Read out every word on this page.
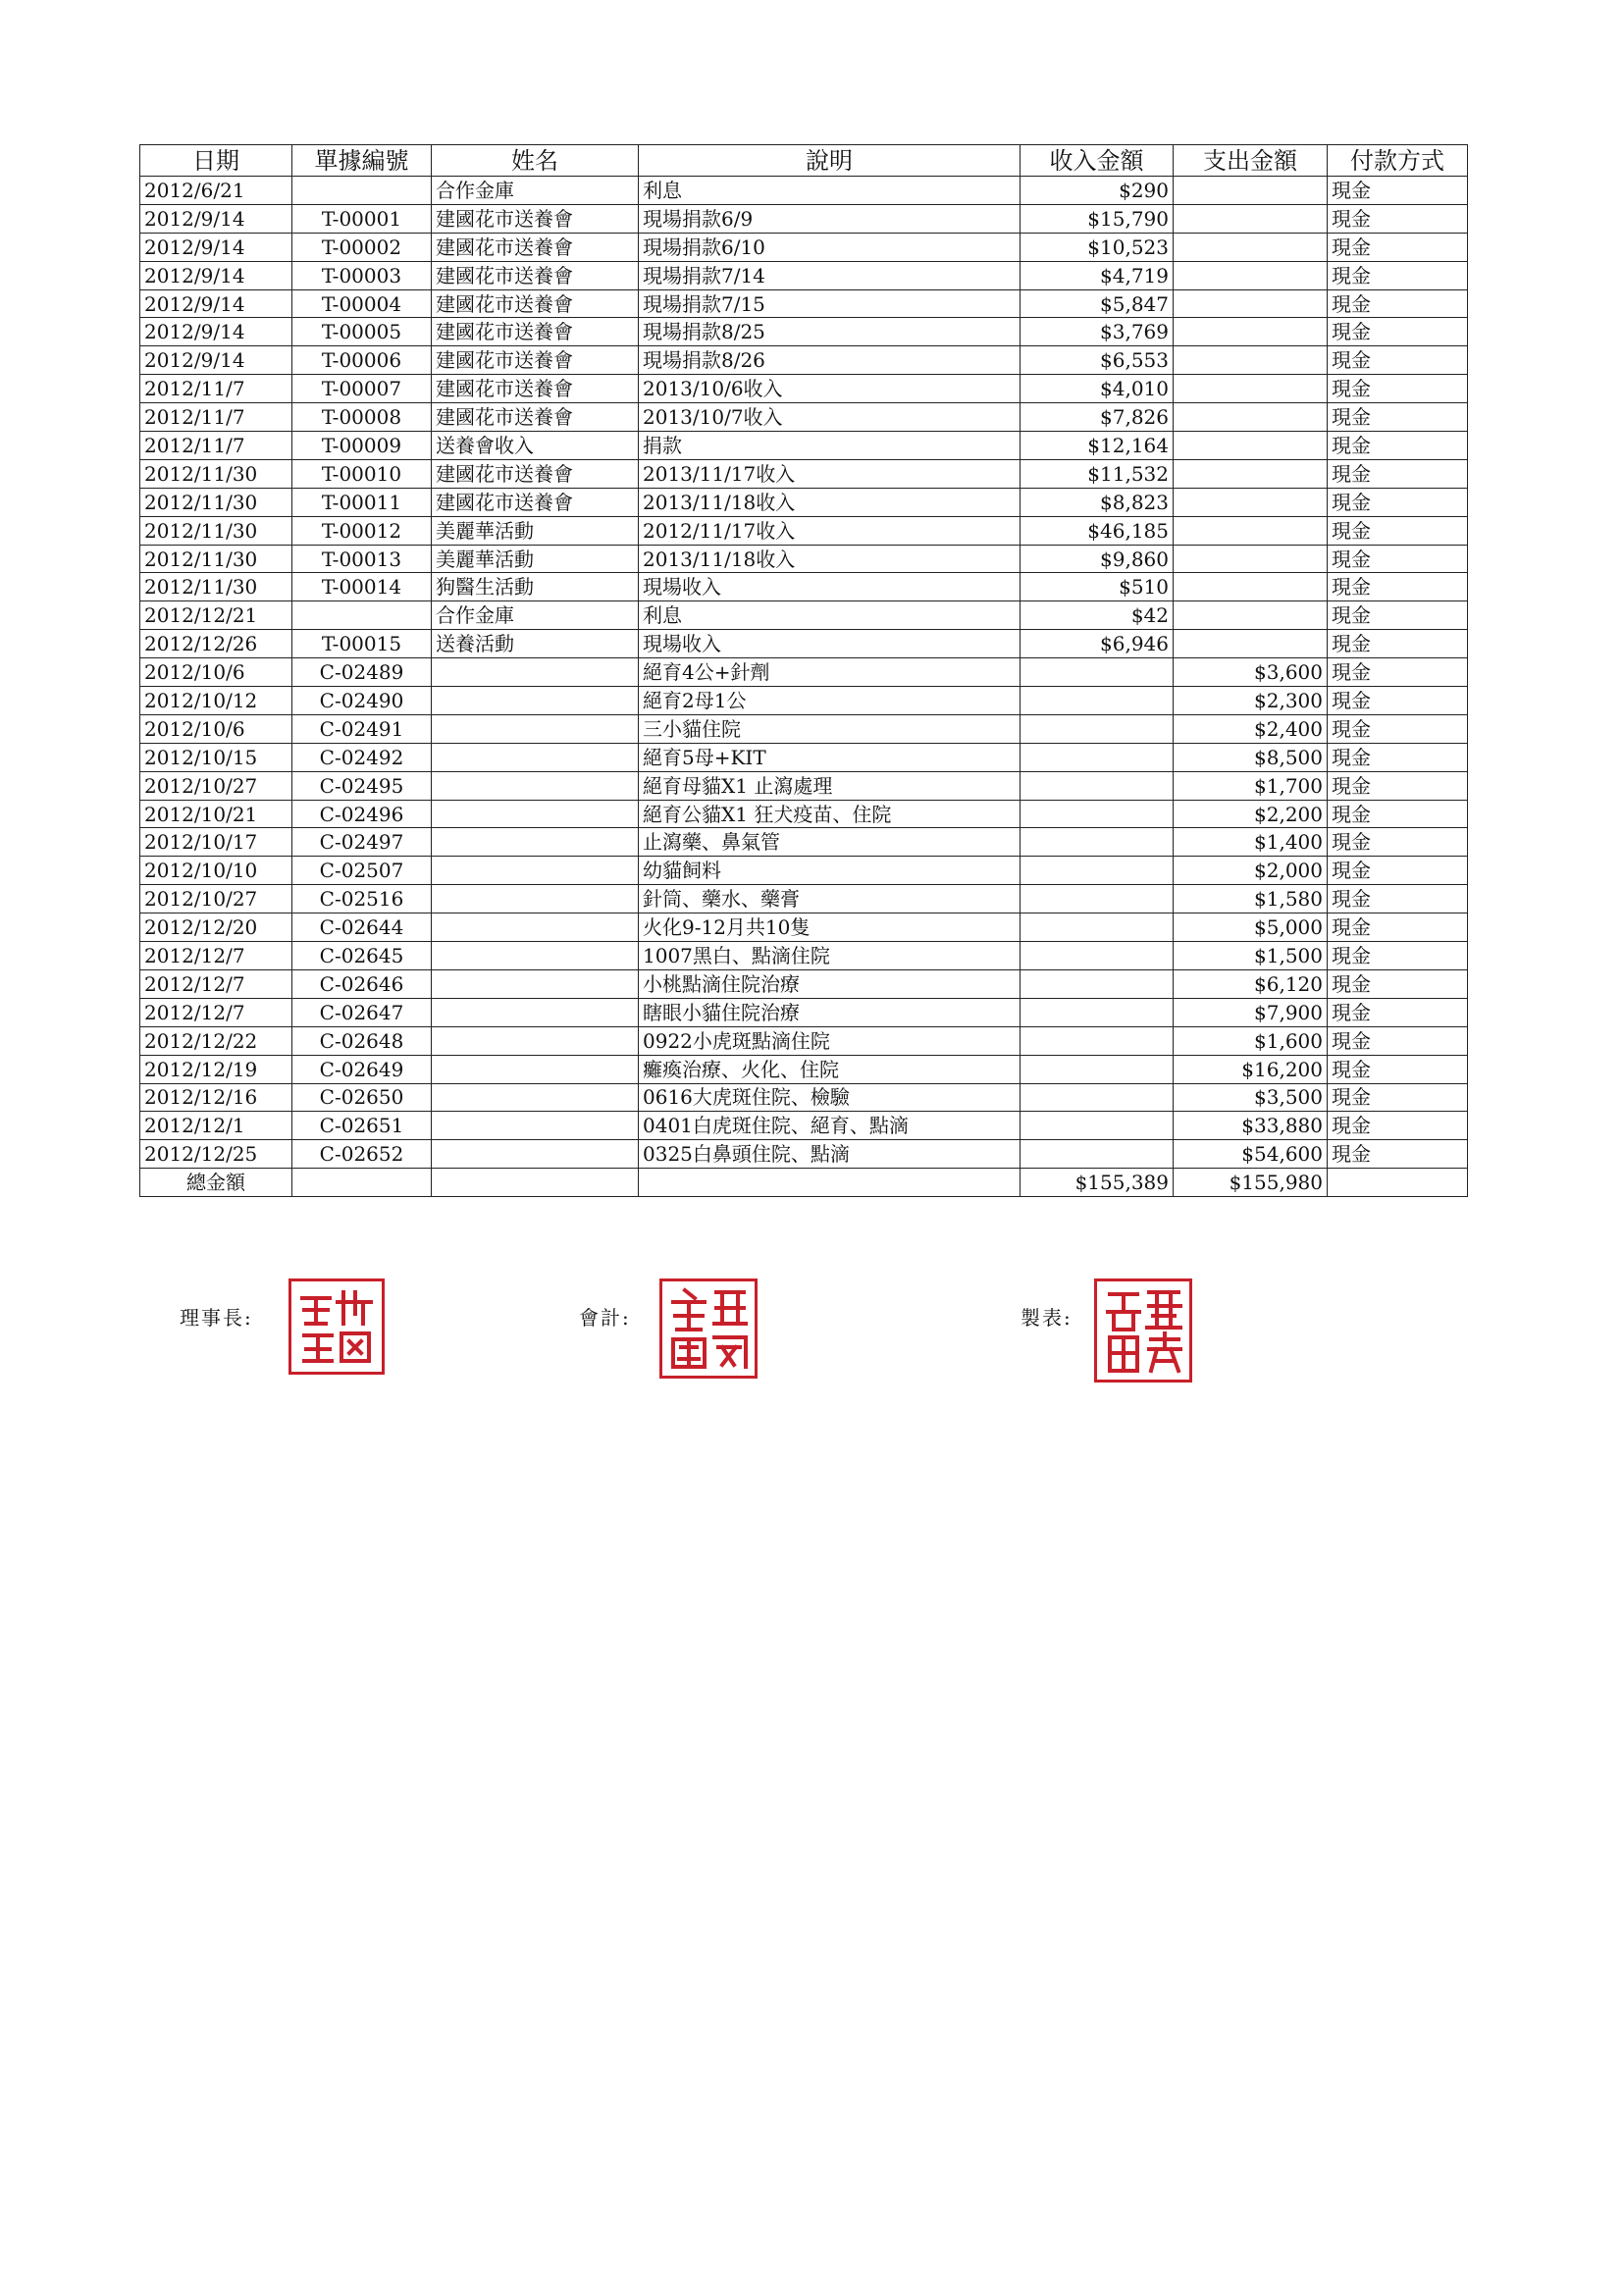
日期	單據編號	姓名	說明	收入金額	支出金額	付款方式
2012/6/21		合作金庫	利息	$290		現金
2012/9/14	T-00001	建國花市送養會	現場捐款6/9	$15,790		現金
2012/9/14	T-00002	建國花市送養會	現場捐款6/10	$10,523		現金
2012/9/14	T-00003	建國花市送養會	現場捐款7/14	$4,719		現金
2012/9/14	T-00004	建國花市送養會	現場捐款7/15	$5,847		現金
2012/9/14	T-00005	建國花市送養會	現場捐款8/25	$3,769		現金
2012/9/14	T-00006	建國花市送養會	現場捐款8/26	$6,553		現金
2012/11/7	T-00007	建國花市送養會	2013/10/6收入	$4,010		現金
2012/11/7	T-00008	建國花市送養會	2013/10/7收入	$7,826		現金
2012/11/7	T-00009	送養會收入	捐款	$12,164		現金
2012/11/30	T-00010	建國花市送養會	2013/11/17收入	$11,532		現金
2012/11/30	T-00011	建國花市送養會	2013/11/18收入	$8,823		現金
2012/11/30	T-00012	美麗華活動	2012/11/17收入	$46,185		現金
2012/11/30	T-00013	美麗華活動	2013/11/18收入	$9,860		現金
2012/11/30	T-00014	狗醫生活動	現場收入	$510		現金
2012/12/21		合作金庫	利息	$42		現金
2012/12/26	T-00015	送養活動	現場收入	$6,946		現金
2012/10/6	C-02489		絕育4公+針劑		$3,600	現金
2012/10/12	C-02490		絕育2母1公		$2,300	現金
2012/10/6	C-02491		三小貓住院		$2,400	現金
2012/10/15	C-02492		絕育5母+KIT		$8,500	現金
2012/10/27	C-02495		絕育母貓X1 止瀉處理		$1,700	現金
2012/10/21	C-02496		絕育公貓X1 狂犬疫苗、住院		$2,200	現金
2012/10/17	C-02497		止瀉藥、鼻氣管		$1,400	現金
2012/10/10	C-02507		幼貓飼料		$2,000	現金
2012/10/27	C-02516		針筒、藥水、藥膏		$1,580	現金
2012/12/20	C-02644		火化9-12月共10隻		$5,000	現金
2012/12/7	C-02645		1007黑白、點滴住院		$1,500	現金
2012/12/7	C-02646		小桃點滴住院治療		$6,120	現金
2012/12/7	C-02647		瞎眼小貓住院治療		$7,900	現金
2012/12/22	C-02648		0922小虎斑點滴住院		$1,600	現金
2012/12/19	C-02649		癱瘓治療、火化、住院		$16,200	現金
2012/12/16	C-02650		0616大虎斑住院、檢驗		$3,500	現金
2012/12/1	C-02651		0401白虎斑住院、絕育、點滴		$33,880	現金
2012/12/25	C-02652		0325白鼻頭住院、點滴		$54,600	現金
總金額				$155,389	$155,980	
理事長:	會計:	製表:
